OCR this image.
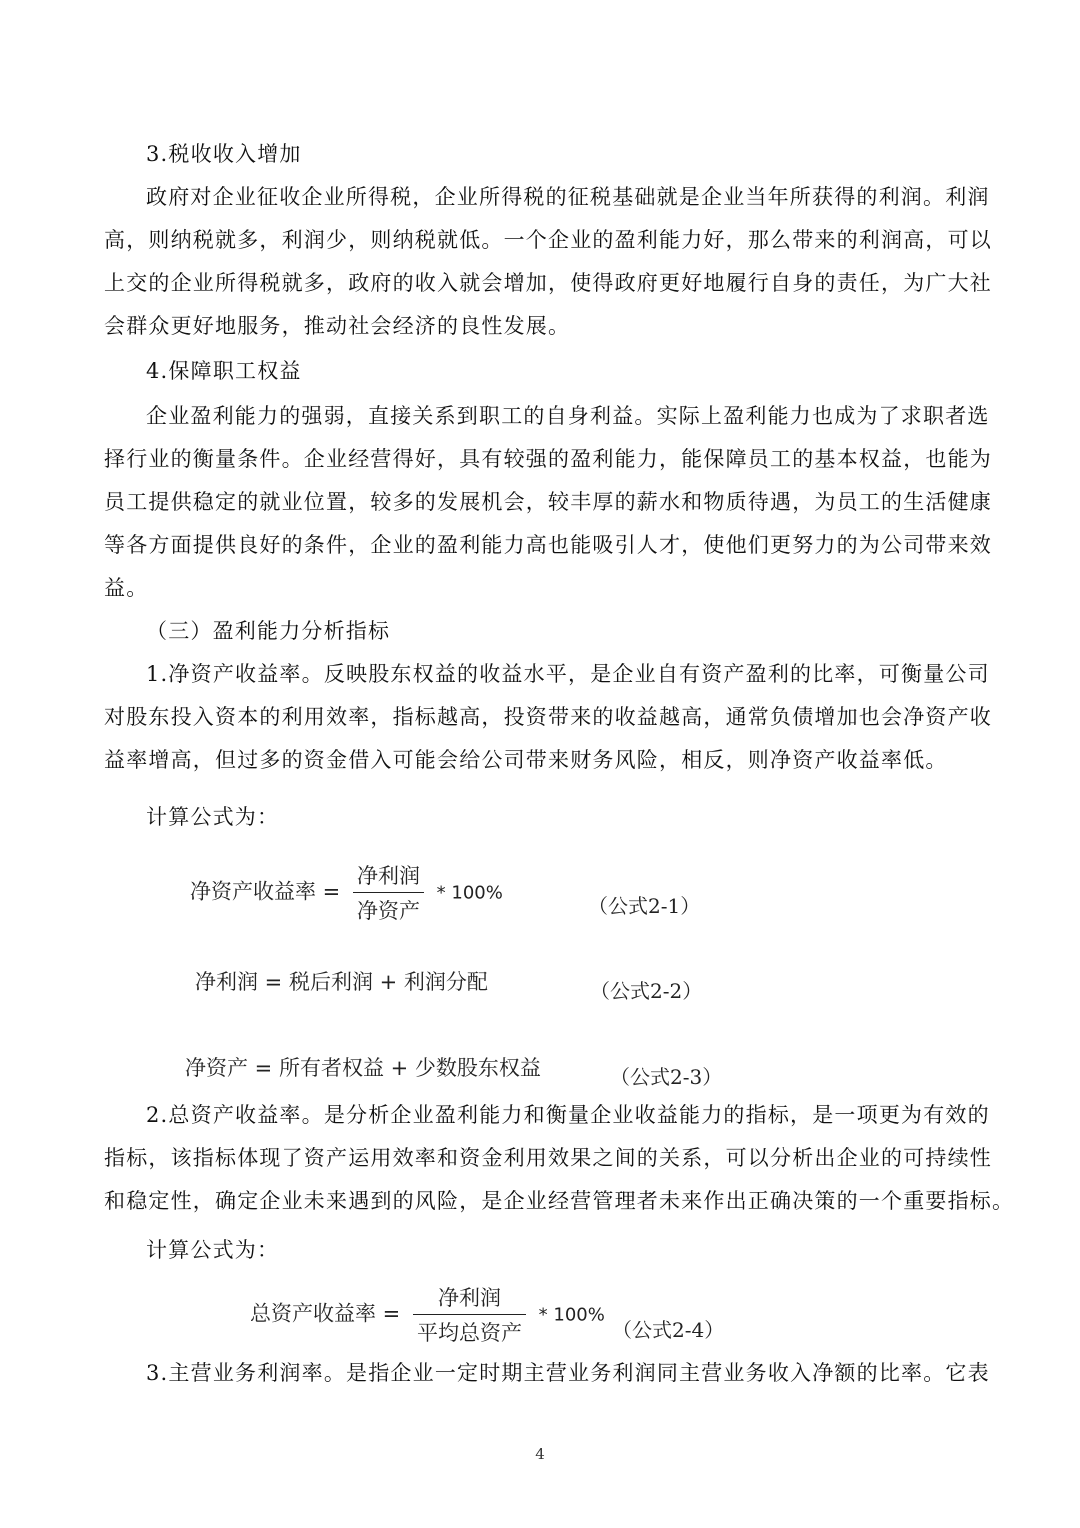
3.税收收入增加
政府对企业征收企业所得税，企业所得税的征税基础就是企业当年所获得的利润。利润
高，则纳税就多，利润少，则纳税就低。一个企业的盈利能力好，那么带来的利润高，可以
上交的企业所得税就多，政府的收入就会增加，使得政府更好地履行自身的责任，为广大社
会群众更好地服务，推动社会经济的良性发展。
4.保障职工权益
企业盈利能力的强弱，直接关系到职工的自身利益。实际上盈利能力也成为了求职者选
择行业的衡量条件。企业经营得好，具有较强的盈利能力，能保障员工的基本权益，也能为
员工提供稳定的就业位置，较多的发展机会，较丰厚的薪水和物质待遇，为员工的生活健康
等各方面提供良好的条件，企业的盈利能力高也能吸引人才，使他们更努力的为公司带来效
益。
（三）盈利能力分析指标
1.净资产收益率。反映股东权益的收益水平，是企业自有资产盈利的比率，可衡量公司
对股东投入资本的利用效率，指标越高，投资带来的收益越高，通常负债增加也会净资产收
益率增高，但过多的资金借入可能会给公司带来财务风险，相反，则净资产收益率低。
计算公式为：
净资产收益率 = $\frac{\text{净利润}}{\text{净资产}} * 100\%$
（公式2-1）
净利润 = 税后利润 + 利润分配	（公式2-2）
净资产 = 所有者权益 + 少数股东权益	（公式2-3）
2.总资产收益率。是分析企业盈利能力和衡量企业收益能力的指标，是一项更为有效的
指标，该指标体现了资产运用效率和资金利用效果之间的关系，可以分析出企业的可持续性
和稳定性，确定企业未来遇到的风险，是企业经营管理者未来作出正确决策的一个重要指标。
计算公式为：
总资产收益率 = $\frac{\text{净利润}}{\text{平均总资产}} * 100\%$
（公式2-4）
3.主营业务利润率。是指企业一定时期主营业务利润同主营业务收入净额的比率。它表
4
